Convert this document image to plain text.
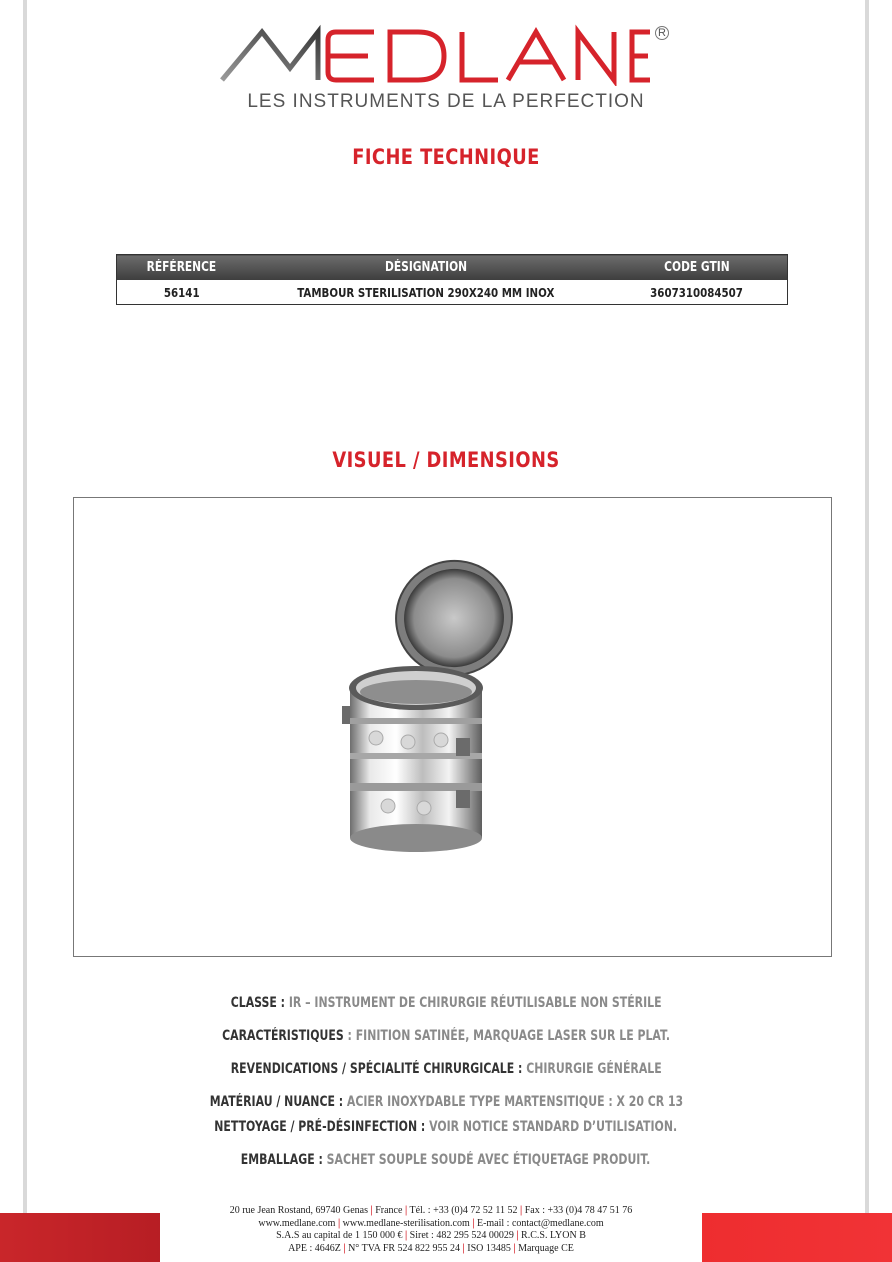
R
LES INSTRUMENTS DE LA PERFECTION
FICHE TECHNIQUE
RÉFÉRENCE	DÉSIGNATION	CODE GTIN
56141	TAMBOUR STERILISATION 290X240 MM INOX	3607310084507
VISUEL / DIMENSIONS
CLASSE : IR – INSTRUMENT DE CHIRURGIE RÉUTILISABLE NON STÉRILE
CARACTÉRISTIQUES : FINITION SATINÉE, MARQUAGE LASER SUR LE PLAT.
REVENDICATIONS / SPÉCIALITÉ CHIRURGICALE : CHIRURGIE GÉNÉRALE
MATÉRIAU / NUANCE : ACIER INOXYDABLE TYPE MARTENSITIQUE : X 20 CR 13
NETTOYAGE / PRÉ-DÉSINFECTION : VOIR NOTICE STANDARD D’UTILISATION.
EMBALLAGE : SACHET SOUPLE SOUDÉ AVEC ÉTIQUETAGE PRODUIT.
20 rue Jean Rostand, 69740 Genas | France | Tél. : +33 (0)4 72 52 11 52 | Fax : +33 (0)4 78 47 51 76
www.medlane.com | www.medlane-sterilisation.com | E-mail : contact@medlane.com
S.A.S au capital de 1 150 000 € | Siret : 482 295 524 00029 | R.C.S. LYON B
APE : 4646Z | N° TVA FR 524 822 955 24 | ISO 13485 | Marquage CE
